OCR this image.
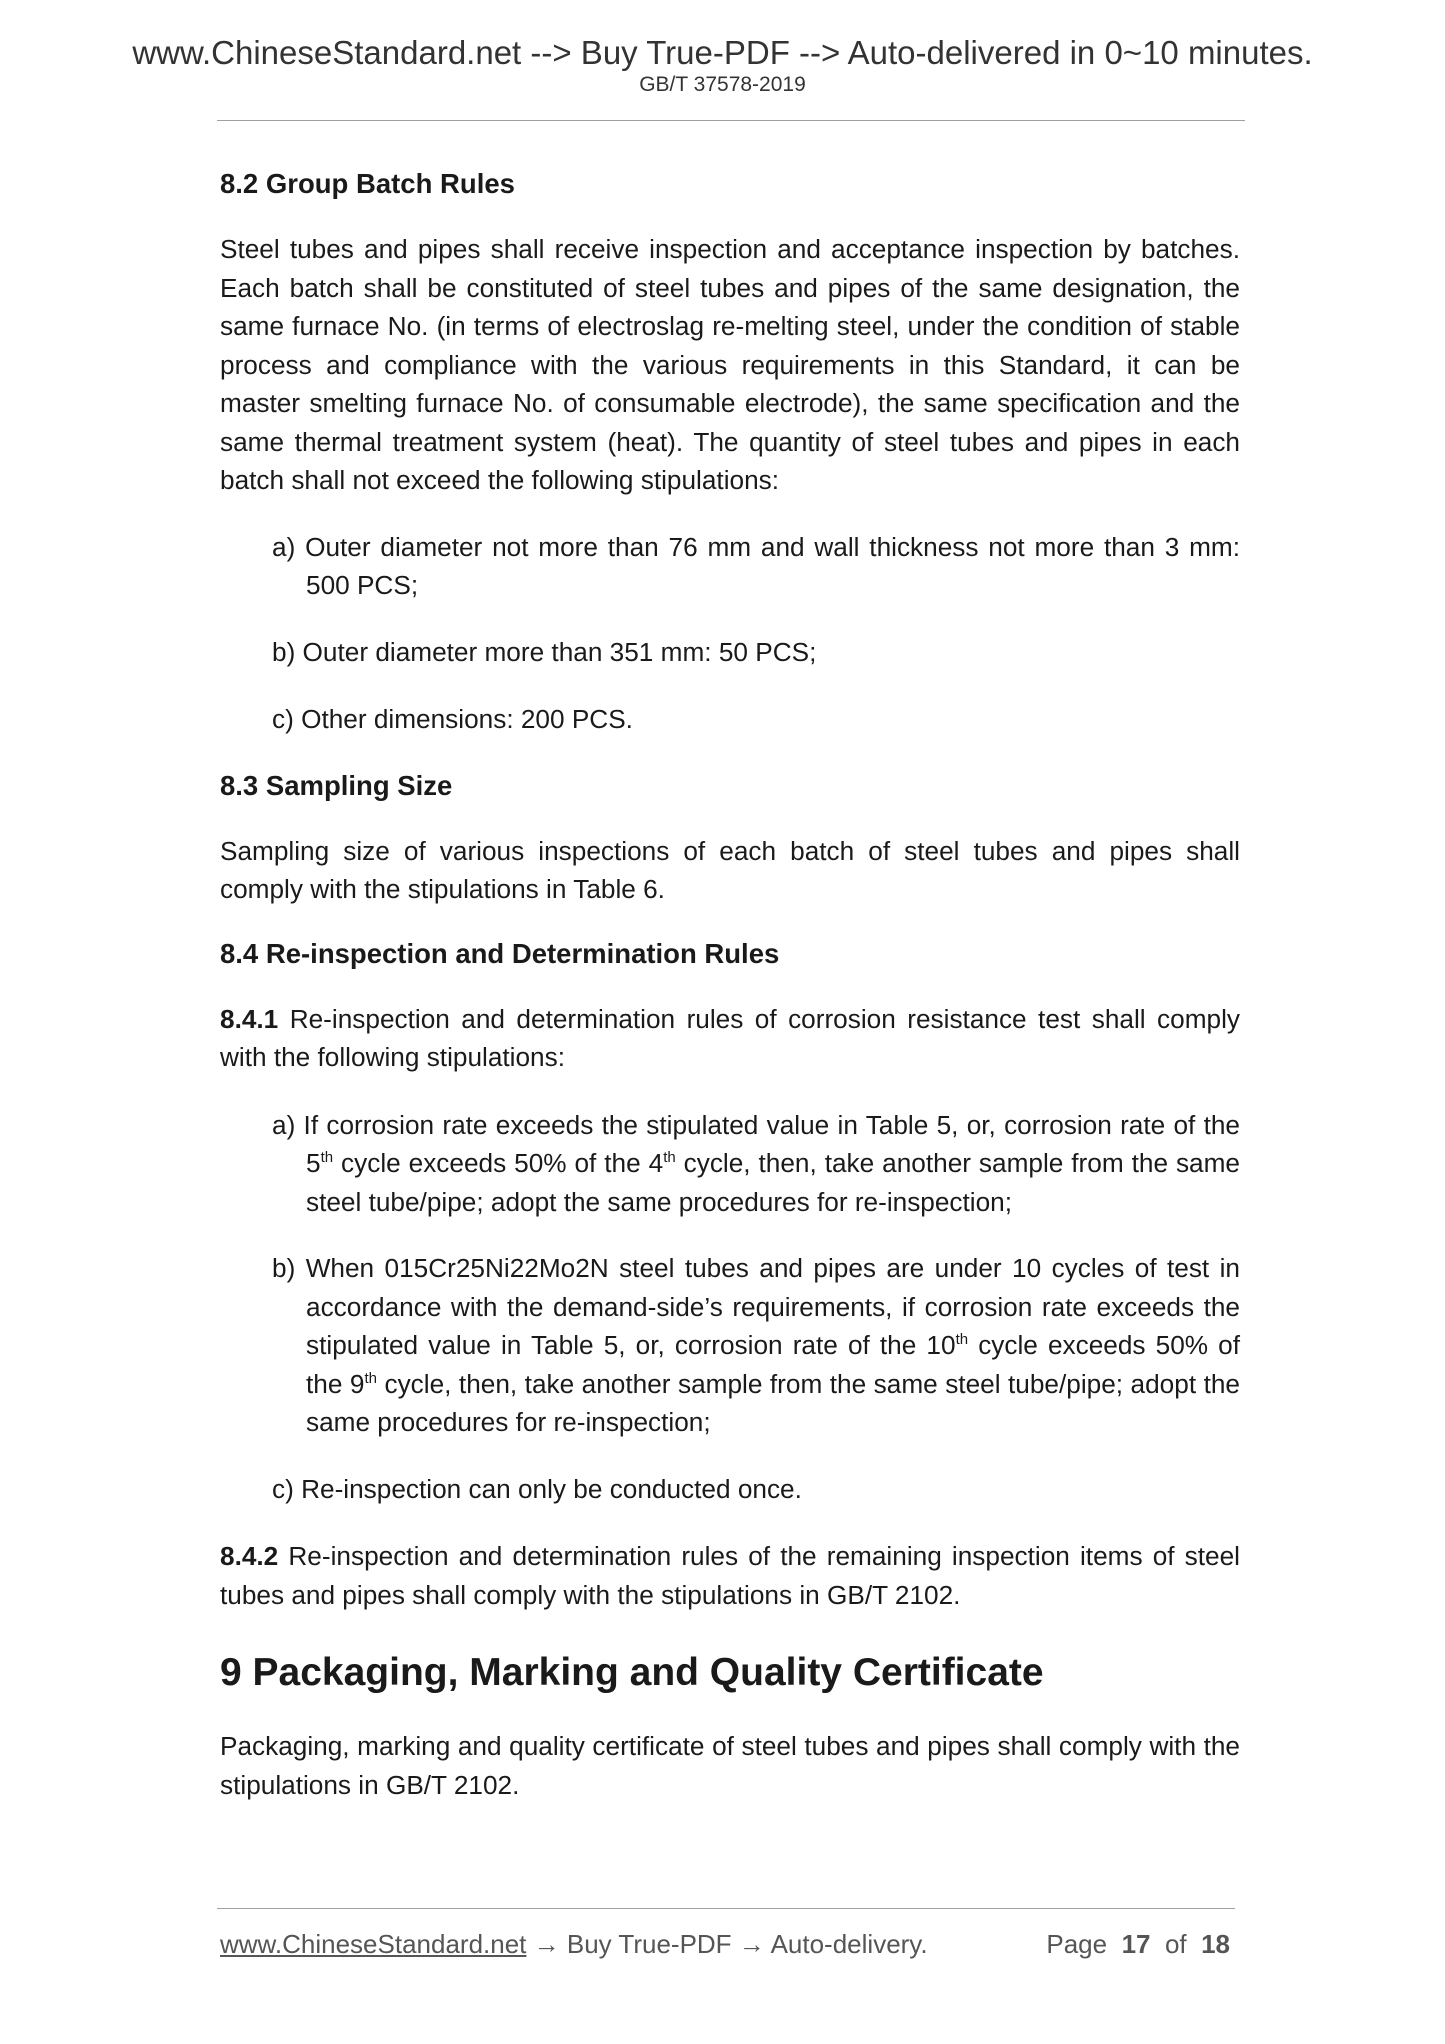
www.ChineseStandard.net --> Buy True-PDF --> Auto-delivered in 0~10 minutes.
GB/T 37578-2019
8.2 Group Batch Rules

Steel tubes and pipes shall receive inspection and acceptance inspection by batches. Each batch shall be constituted of steel tubes and pipes of the same designation, the same furnace No. (in terms of electroslag re-melting steel, under the condition of stable process and compliance with the various requirements in this Standard, it can be master smelting furnace No. of consumable electrode), the same specification and the same thermal treatment system (heat). The quantity of steel tubes and pipes in each batch shall not exceed the following stipulations:

a) Outer diameter not more than 76 mm and wall thickness not more than 3 mm: 500 PCS;

b) Outer diameter more than 351 mm: 50 PCS;

c) Other dimensions: 200 PCS.

8.3 Sampling Size

Sampling size of various inspections of each batch of steel tubes and pipes shall comply with the stipulations in Table 6.

8.4 Re-inspection and Determination Rules

8.4.1 Re-inspection and determination rules of corrosion resistance test shall comply with the following stipulations:

a) If corrosion rate exceeds the stipulated value in Table 5, or, corrosion rate of the 5th cycle exceeds 50% of the 4th cycle, then, take another sample from the same steel tube/pipe; adopt the same procedures for re-inspection;

b) When 015Cr25Ni22Mo2N steel tubes and pipes are under 10 cycles of test in accordance with the demand-side’s requirements, if corrosion rate exceeds the stipulated value in Table 5, or, corrosion rate of the 10th cycle exceeds 50% of the 9th cycle, then, take another sample from the same steel tube/pipe; adopt the same procedures for re-inspection;

c) Re-inspection can only be conducted once.

8.4.2 Re-inspection and determination rules of the remaining inspection items of steel tubes and pipes shall comply with the stipulations in GB/T 2102.

9 Packaging, Marking and Quality Certificate

Packaging, marking and quality certificate of steel tubes and pipes shall comply with the stipulations in GB/T 2102.

www.ChineseStandard.net → Buy True-PDF → Auto-delivery.	Page 17 of 18
